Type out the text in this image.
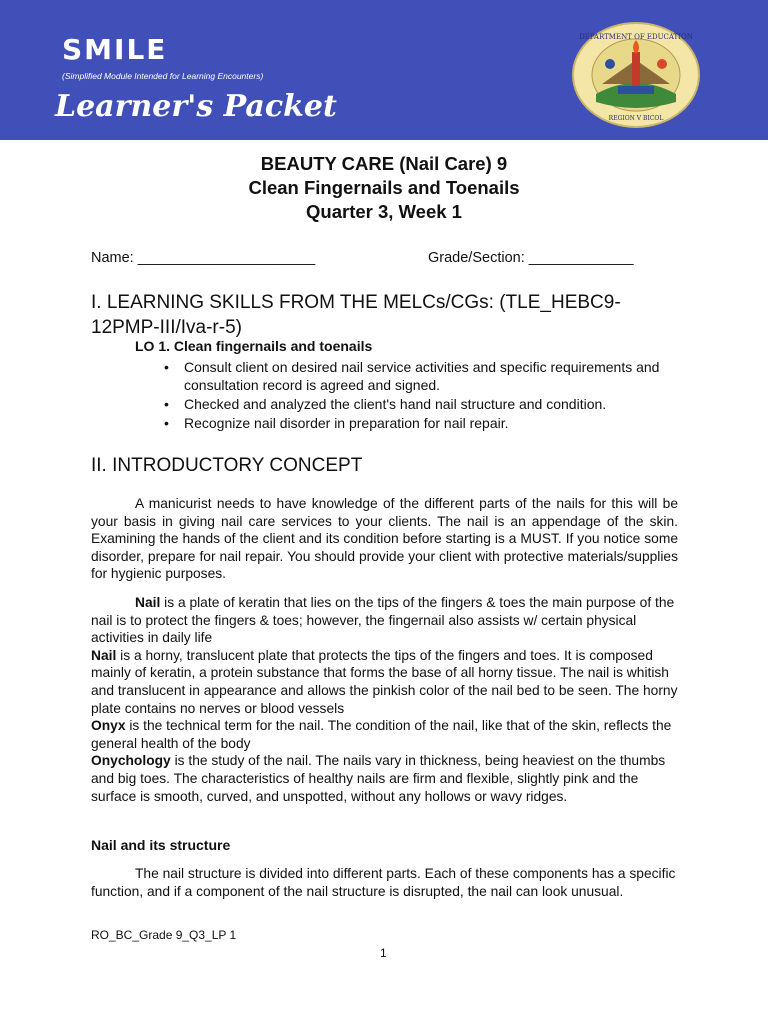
SMILE
(Simplified Module Intended for Learning Encounters)
Learner's Packet
DEPARTMENT OF EDUCATION
REGION V BICOL
BEAUTY CARE (Nail Care) 9
Clean Fingernails and Toenails
Quarter 3, Week 1
Name: ______________________	Grade/Section: _____________
I. LEARNING SKILLS FROM THE MELCs/CGs: (TLE_HEBC9-
12PMP-III/Iva-r-5)
LO 1. Clean fingernails and toenails
• Consult client on desired nail service activities and specific requirements and consultation record is agreed and signed.
• Checked and analyzed the client's hand nail structure and condition.
• Recognize nail disorder in preparation for nail repair.
II. INTRODUCTORY CONCEPT
A manicurist needs to have knowledge of the different parts of the nails for this will be your basis in giving nail care services to your clients. The nail is an appendage of the skin. Examining the hands of the client and its condition before starting is a MUST. If you notice some disorder, prepare for nail repair. You should provide your client with protective materials/supplies for hygienic purposes.
Nail is a plate of keratin that lies on the tips of the fingers & toes the main purpose of the nail is to protect the fingers & toes; however, the fingernail also assists w/ certain physical activities in daily life
Nail is a horny, translucent plate that protects the tips of the fingers and toes. It is composed mainly of keratin, a protein substance that forms the base of all horny tissue. The nail is whitish and translucent in appearance and allows the pinkish color of the nail bed to be seen. The horny plate contains no nerves or blood vessels
Onyx is the technical term for the nail. The condition of the nail, like that of the skin, reflects the general health of the body
Onychology is the study of the nail. The nails vary in thickness, being heaviest on the thumbs and big toes. The characteristics of healthy nails are firm and flexible, slightly pink and the surface is smooth, curved, and unspotted, without any hollows or wavy ridges.
Nail and its structure
The nail structure is divided into different parts. Each of these components has a specific function, and if a component of the nail structure is disrupted, the nail can look unusual.
RO_BC_Grade 9_Q3_LP 1
1
